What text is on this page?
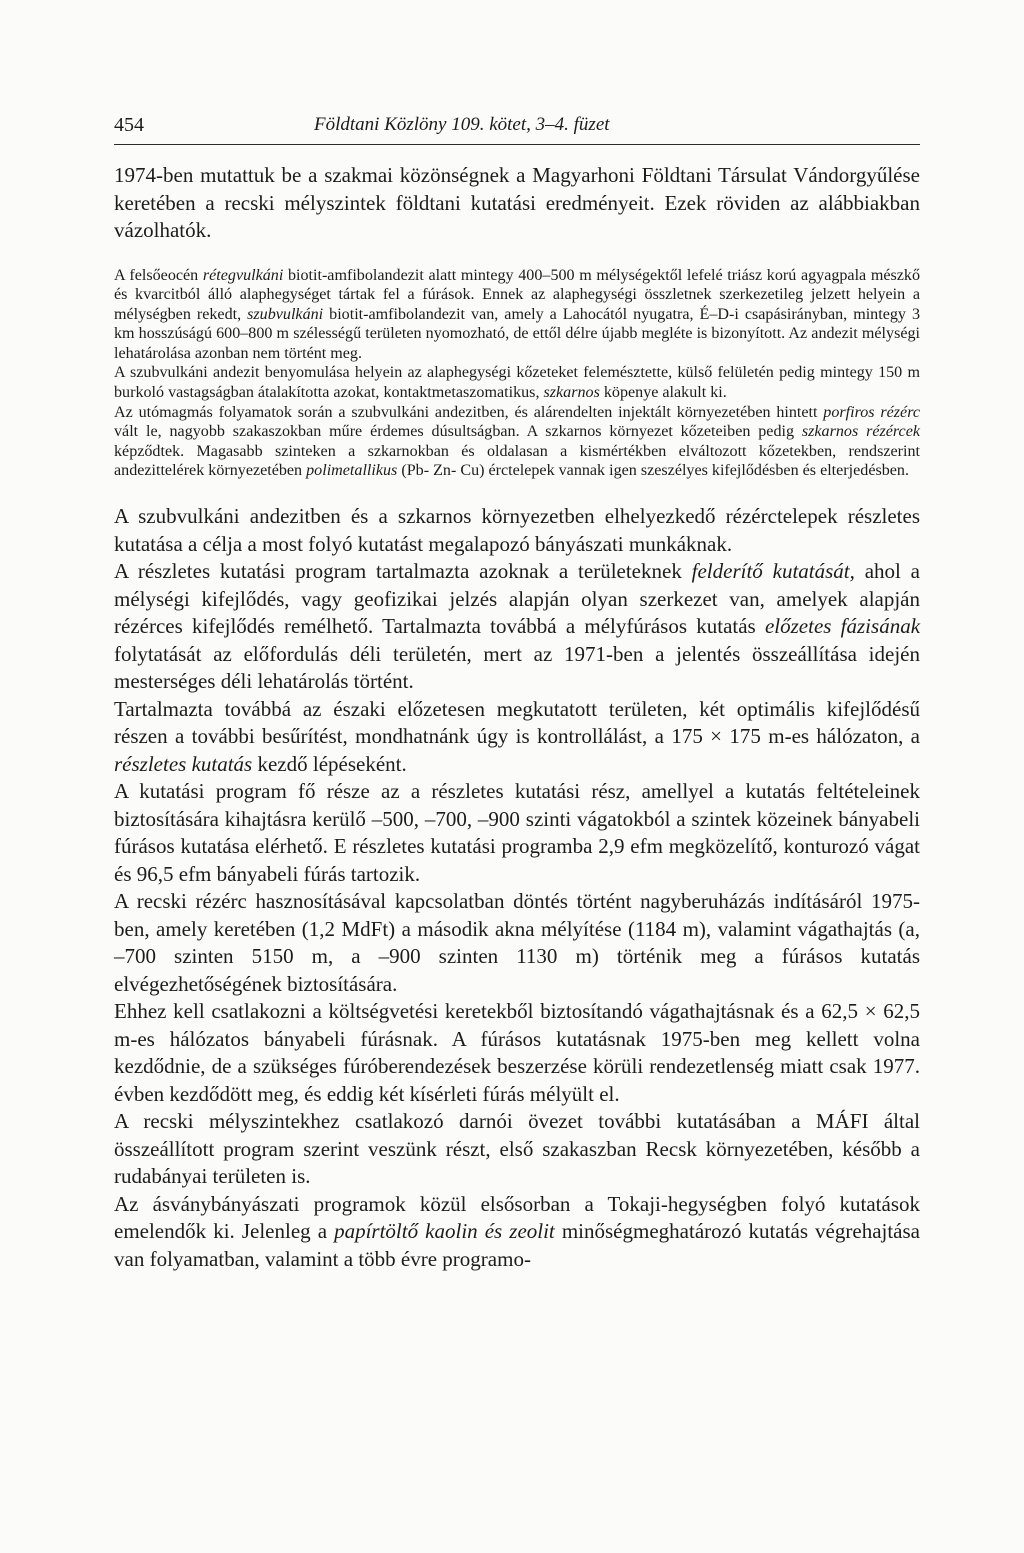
454	Földtani Közlöny 109. kötet, 3–4. füzet

1974-ben mutattuk be a szakmai közönségnek a Magyarhoni Földtani Társulat Vándorgyűlése keretében a recski mélyszintek földtani kutatási eredményeit. Ezek röviden az alábbiakban vázolhatók.

A felsőeocén rétegvulkáni biotit-amfibolandezit alatt mintegy 400–500 m mélységektől lefelé triász korú agyagpala mészkő és kvarcitból álló alaphegységet tártak fel a fúrások. Ennek az alaphegységi összletnek szerkezetileg jelzett helyein a mélységben rekedt, szubvulkáni biotit-amfibolandezit van, amely a Lahocától nyugatra, É–D-i csapásirányban, mintegy 3 km hosszúságú 600–800 m szélességű területen nyomozható, de ettől délre újabb megléte is bizonyított. Az andezit mélységi lehatárolása azonban nem történt meg.

A szubvulkáni andezit benyomulása helyein az alaphegységi kőzeteket felemésztette, külső felületén pedig mintegy 150 m burkoló vastagságban átalakította azokat, kontaktmetaszomatikus, szkarnos köpenye alakult ki.

Az utómagmás folyamatok során a szubvulkáni andezitben, és alárendelten injektált környezetében hintett porfiros rézérc vált le, nagyobb szakaszokban műre érdemes dúsultságban. A szkarnos környezet kőzeteiben pedig szkarnos rézércek képződtek. Magasabb szinteken a szkarnokban és oldalasan a kismértékben elváltozott kőzetekben, rendszerint andezittelérek környezetében polimetallikus (Pb- Zn- Cu) érctelepek vannak igen szeszélyes kifejlődésben és elterjedésben.

A szubvulkáni andezitben és a szkarnos környezetben elhelyezkedő rézérctelepek részletes kutatása a célja a most folyó kutatást megalapozó bányászati munkáknak.

A részletes kutatási program tartalmazta azoknak a területeknek felderítő kutatását, ahol a mélységi kifejlődés, vagy geofizikai jelzés alapján olyan szerkezet van, amelyek alapján rézérces kifejlődés remélhető. Tartalmazta továbbá a mélyfúrásos kutatás előzetes fázisának folytatását az előfordulás déli területén, mert az 1971-ben a jelentés összeállítása idején mesterséges déli lehatárolás történt.

Tartalmazta továbbá az északi előzetesen megkutatott területen, két optimális kifejlődésű részen a további besűrítést, mondhatnánk úgy is kontrollálást, a 175 × 175 m-es hálózaton, a részletes kutatás kezdő lépéseként.

A kutatási program fő része az a részletes kutatási rész, amellyel a kutatás feltételeinek biztosítására kihajtásra kerülő –500, –700, –900 szinti vágatokból a szintek közeinek bányabeli fúrásos kutatása elérhető. E részletes kutatási programba 2,9 efm megközelítő, konturozó vágat és 96,5 efm bányabeli fúrás tartozik.

A recski rézérc hasznosításával kapcsolatban döntés történt nagyberuházás indításáról 1975-ben, amely keretében (1,2 MdFt) a második akna mélyítése (1184 m), valamint vágathajtás (a, –700 szinten 5150 m, a –900 szinten 1130 m) történik meg a fúrásos kutatás elvégezhetőségének biztosítására.

Ehhez kell csatlakozni a költségvetési keretekből biztosítandó vágathajtásnak és a 62,5 × 62,5 m-es hálózatos bányabeli fúrásnak. A fúrásos kutatásnak 1975-ben meg kellett volna kezdődnie, de a szükséges fúróberendezések beszerzése körüli rendezetlenség miatt csak 1977. évben kezdődött meg, és eddig két kísérleti fúrás mélyült el.

A recski mélyszintekhez csatlakozó darnói övezet további kutatásában a MÁFI által összeállított program szerint veszünk részt, első szakaszban Recsk környezetében, később a rudabányai területen is.

Az ásványbányászati programok közül elsősorban a Tokaji-hegységben folyó kutatások emelendők ki. Jelenleg a papírtöltő kaolin és zeolit minőségmeghatározó kutatás végrehajtása van folyamatban, valamint a több évre programo-
